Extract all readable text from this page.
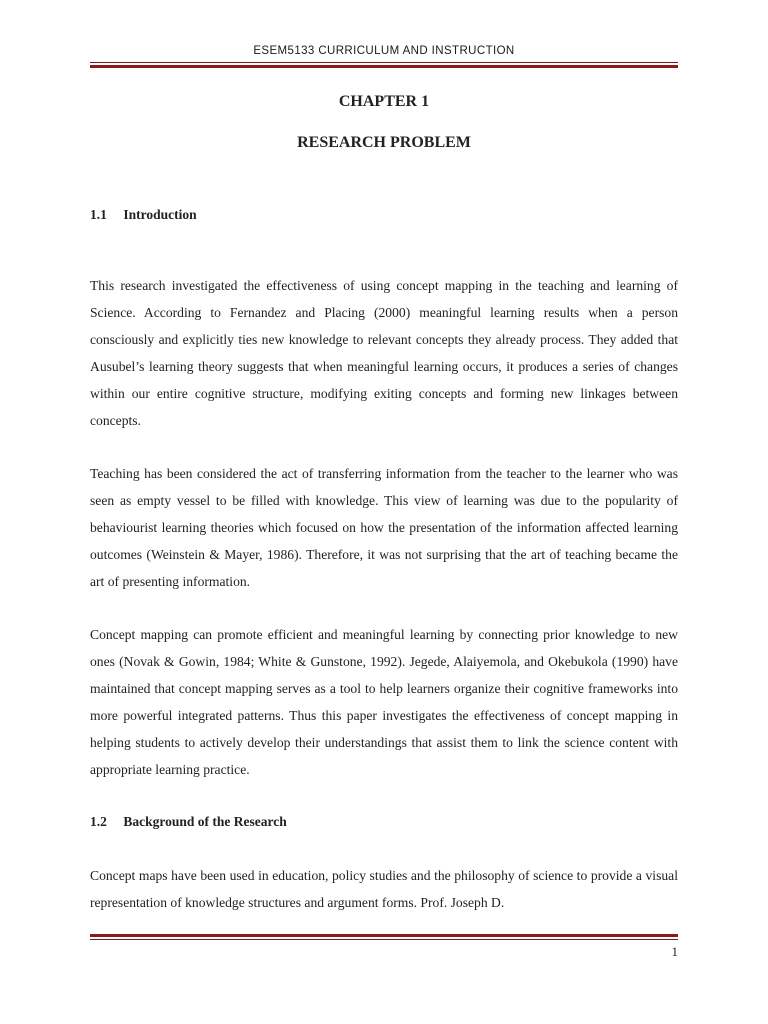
ESEM5133 CURRICULUM AND INSTRUCTION
CHAPTER 1
RESEARCH PROBLEM
1.1 Introduction

This research investigated the effectiveness of using concept mapping in the teaching and learning of Science. According to Fernandez and Placing (2000) meaningful learning results when a person consciously and explicitly ties new knowledge to relevant concepts they already process. They added that Ausubel’s learning theory suggests that when meaningful learning occurs, it produces a series of changes within our entire cognitive structure, modifying exiting concepts and forming new linkages between concepts.

Teaching has been considered the act of transferring information from the teacher to the learner who was seen as empty vessel to be filled with knowledge. This view of learning was due to the popularity of behaviourist learning theories which focused on how the presentation of the information affected learning outcomes (Weinstein & Mayer, 1986). Therefore, it was not surprising that the art of teaching became the art of presenting information.

Concept mapping can promote efficient and meaningful learning by connecting prior knowledge to new ones (Novak & Gowin, 1984; White & Gunstone, 1992). Jegede, Alaiyemola, and Okebukola (1990) have maintained that concept mapping serves as a tool to help learners organize their cognitive frameworks into more powerful integrated patterns. Thus this paper investigates the effectiveness of concept mapping in helping students to actively develop their understandings that assist them to link the science content with appropriate learning practice.

1.2 Background of the Research

Concept maps have been used in education, policy studies and the philosophy of science to provide a visual representation of knowledge structures and argument forms. Prof. Joseph D.

1
